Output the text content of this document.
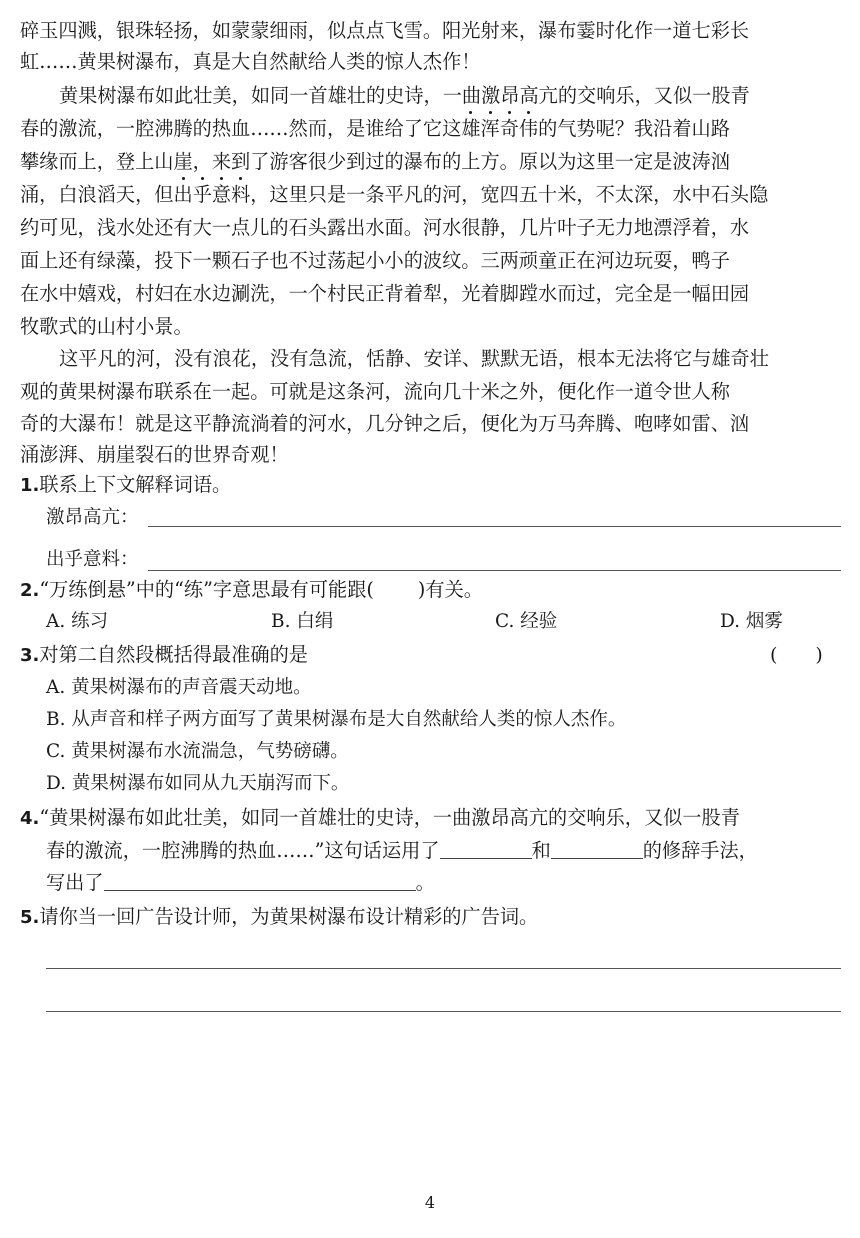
碎玉四溅，银珠轻扬，如蒙蒙细雨，似点点飞雪。阳光射来，瀑布霎时化作一道七彩长
虹……黄果树瀑布，真是大自然献给人类的惊人杰作！
黄果树瀑布如此壮美，如同一首雄壮的史诗，一曲激昂高亢的交响乐，又似一股青
春的激流，一腔沸腾的热血……然而，是谁给了它这雄浑奇伟的气势呢？我沿着山路
攀缘而上，登上山崖，来到了游客很少到过的瀑布的上方。原以为这里一定是波涛汹
涌，白浪滔天，但出乎意料，这里只是一条平凡的河，宽四五十米，不太深，水中石头隐
约可见，浅水处还有大一点儿的石头露出水面。河水很静，几片叶子无力地漂浮着，水
面上还有绿藻，投下一颗石子也不过荡起小小的波纹。三两顽童正在河边玩耍，鸭子
在水中嬉戏，村妇在水边涮洗，一个村民正背着犁，光着脚蹚水而过，完全是一幅田园
牧歌式的山村小景。
这平凡的河，没有浪花，没有急流，恬静、安详、默默无语，根本无法将它与雄奇壮
观的黄果树瀑布联系在一起。可就是这条河，流向几十米之外，便化作一道令世人称
奇的大瀑布！就是这平静流淌着的河水，几分钟之后，便化为万马奔腾、咆哮如雷、汹
涌澎湃、崩崖裂石的世界奇观！
1.联系上下文解释词语。
激昂高亢：
出乎意料：
2.“万练倒悬”中的“练”字意思最有可能跟( )有关。
A. 练习	B. 白绢	C. 经验	D. 烟雾
3.对第二自然段概括得最准确的是	(　　)
A. 黄果树瀑布的声音震天动地。
B. 从声音和样子两方面写了黄果树瀑布是大自然献给人类的惊人杰作。
C. 黄果树瀑布水流湍急，气势磅礴。
D. 黄果树瀑布如同从九天崩泻而下。
4.“黄果树瀑布如此壮美，如同一首雄壮的史诗，一曲激昂高亢的交响乐，又似一股青
春的激流，一腔沸腾的热血……”这句话运用了	和	的修辞手法，
写出了	。
5.请你当一回广告设计师，为黄果树瀑布设计精彩的广告词。
4
